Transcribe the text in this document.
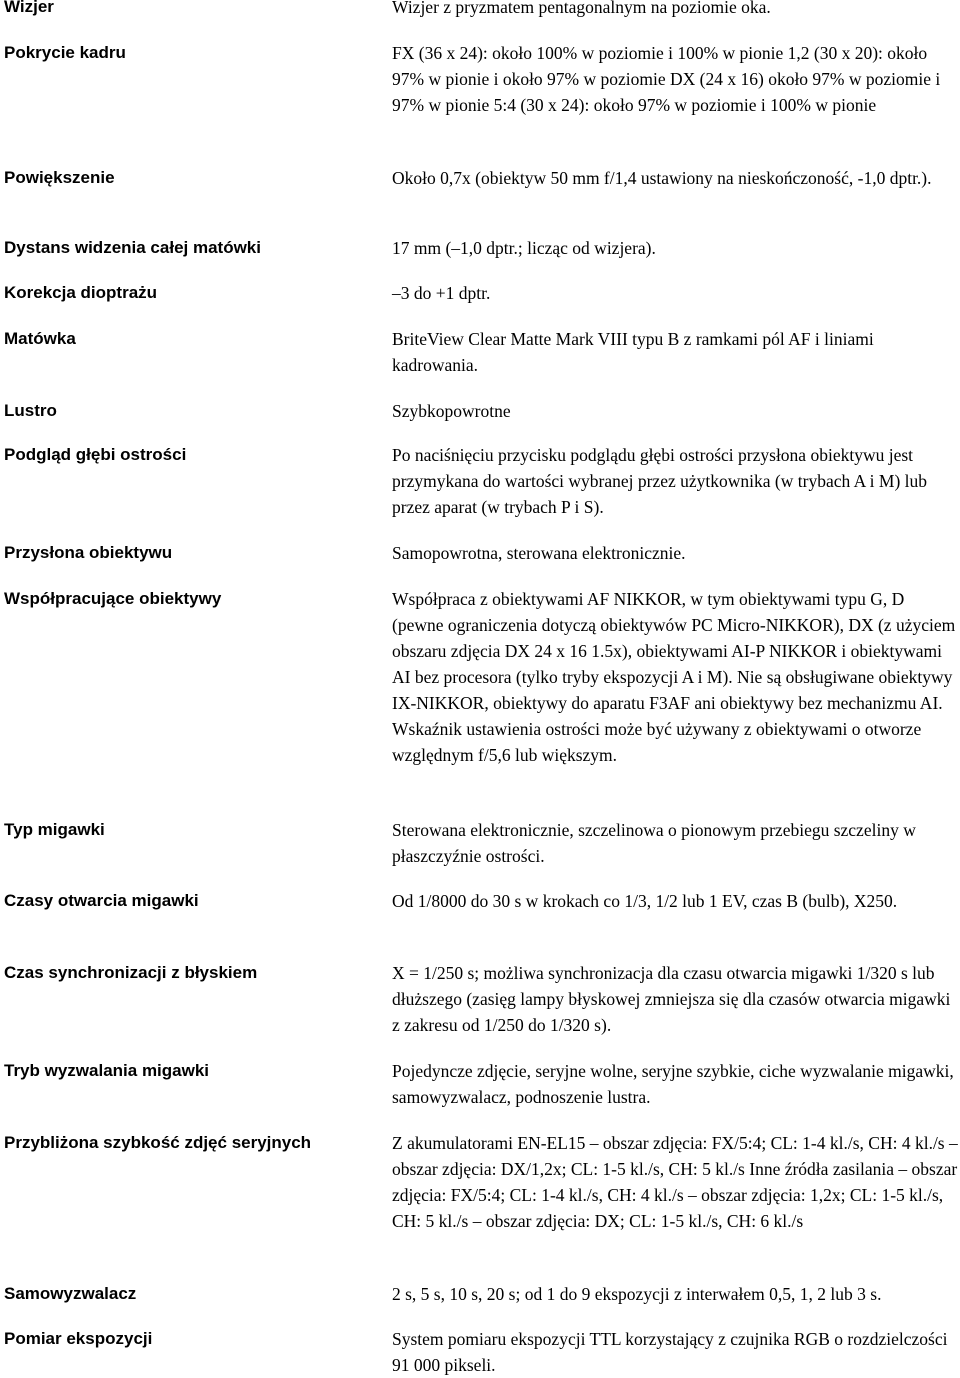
Wizjer	Wizjer z pryzmatem pentagonalnym na poziomie oka.
Pokrycie kadru	FX (36 x 24): około 100% w poziomie i 100% w pionie 1,2 (30 x 20): około 97% w pionie i około 97% w poziomie DX (24 x 16) około 97% w poziomie i 97% w pionie 5:4 (30 x 24): około 97% w poziomie i 100% w pionie
Powiększenie	Około 0,7x (obiektyw 50 mm f/1,4 ustawiony na nieskończoność, -1,0 dptr.).
Dystans widzenia całej matówki	17 mm (–1,0 dptr.; licząc od wizjera).
Korekcja dioptrażu	–3 do +1 dptr.
Matówka	BriteView Clear Matte Mark VIII typu B z ramkami pól AF i liniami kadrowania.
Lustro	Szybkopowrotne
Podgląd głębi ostrości	Po naciśnięciu przycisku podglądu głębi ostrości przysłona obiektywu jest przymykana do wartości wybranej przez użytkownika (w trybach A i M) lub przez aparat (w trybach P i S).
Przysłona obiektywu	Samopowrotna, sterowana elektronicznie.
Współpracujące obiektywy	Współpraca z obiektywami AF NIKKOR, w tym obiektywami typu G, D (pewne ograniczenia dotyczą obiektywów PC Micro-NIKKOR), DX (z użyciem obszaru zdjęcia DX 24 x 16 1.5x), obiektywami AI-P NIKKOR i obiektywami AI bez procesora (tylko tryby ekspozycji A i M). Nie są obsługiwane obiektywy IX-NIKKOR, obiektywy do aparatu F3AF ani obiektywy bez mechanizmu AI. Wskaźnik ustawienia ostrości może być używany z obiektywami o otworze względnym f/5,6 lub większym.
Typ migawki	Sterowana elektronicznie, szczelinowa o pionowym przebiegu szczeliny w płaszczyźnie ostrości.
Czasy otwarcia migawki	Od 1/8000 do 30 s w krokach co 1/3, 1/2 lub 1 EV, czas B (bulb), X250.
Czas synchronizacji z błyskiem	X = 1/250 s; możliwa synchronizacja dla czasu otwarcia migawki 1/320 s lub dłuższego (zasięg lampy błyskowej zmniejsza się dla czasów otwarcia migawki z zakresu od 1/250 do 1/320 s).
Tryb wyzwalania migawki	Pojedyncze zdjęcie, seryjne wolne, seryjne szybkie, ciche wyzwalanie migawki, samowyzwalacz, podnoszenie lustra.
Przybliżona szybkość zdjęć seryjnych	Z akumulatorami EN-EL15 – obszar zdjęcia: FX/5:4; CL: 1-4 kl./s, CH: 4 kl./s – obszar zdjęcia: DX/1,2x; CL: 1-5 kl./s, CH: 5 kl./s Inne źródła zasilania – obszar zdjęcia: FX/5:4; CL: 1-4 kl./s, CH: 4 kl./s – obszar zdjęcia: 1,2x; CL: 1-5 kl./s, CH: 5 kl./s – obszar zdjęcia: DX; CL: 1-5 kl./s, CH: 6 kl./s
Samowyzwalacz	2 s, 5 s, 10 s, 20 s; od 1 do 9 ekspozycji z interwałem 0,5, 1, 2 lub 3 s.
Pomiar ekspozycji	System pomiaru ekspozycji TTL korzystający z czujnika RGB o rozdzielczości 91 000 pikseli.
